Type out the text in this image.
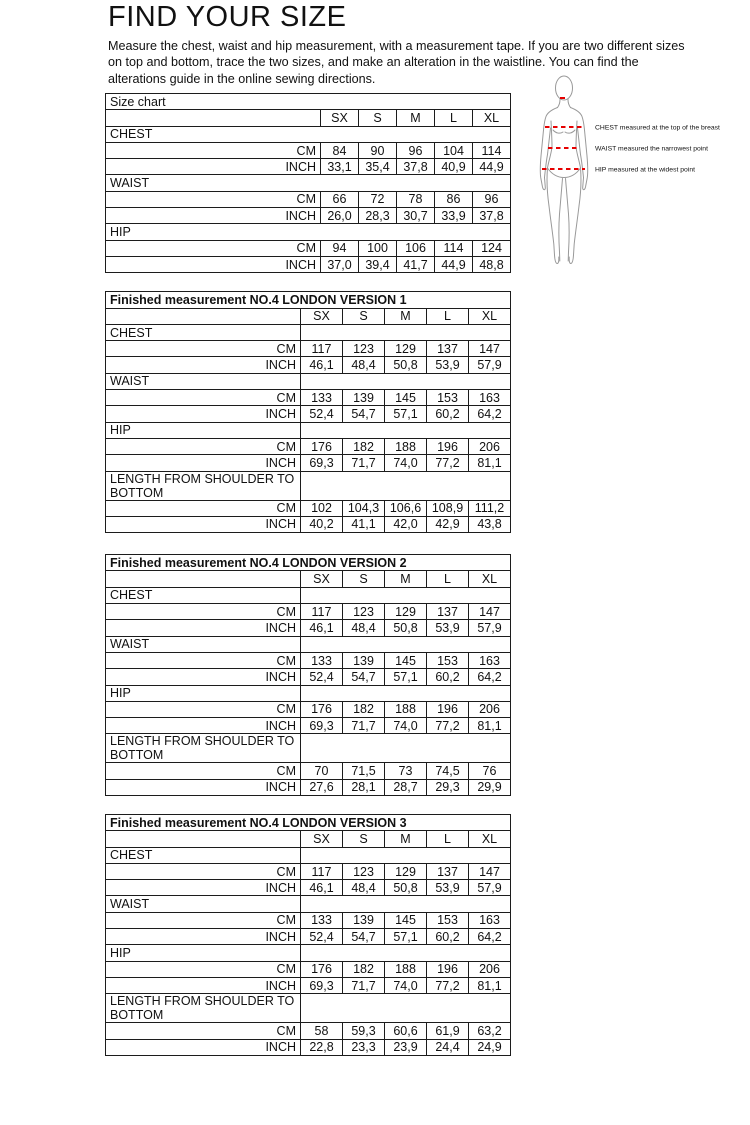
FIND YOUR SIZE

Measure the chest, waist and hip measurement, with a measurement tape. If you are two different sizes on top and bottom, trace the two sizes, and make an alteration in the waistline. You can find the alterations guide in the online sewing directions.

CHEST measured at the top of the breast
WAIST measured the narrowest point
HIP measured at the widest point
Size chart					
	SX	S	M	L	XL
CHEST					
CM	84	90	96	104	114
INCH	33,1	35,4	37,8	40,9	44,9
WAIST					
CM	66	72	78	86	96
INCH	26,0	28,3	30,7	33,9	37,8
HIP					
CM	94	100	106	114	124
INCH	37,0	39,4	41,7	44,9	48,8
Finished measurement NO.4 LONDON VERSION 1					
	SX	S	M	L	XL
CHEST					
CM	117	123	129	137	147
INCH	46,1	48,4	50,8	53,9	57,9
WAIST					
CM	133	139	145	153	163
INCH	52,4	54,7	57,1	60,2	64,2
HIP					
CM	176	182	188	196	206
INCH	69,3	71,7	74,0	77,2	81,1
LENGTH FROM SHOULDER TO BOTTOM					
CM	102	104,3	106,6	108,9	111,2
INCH	40,2	41,1	42,0	42,9	43,8
Finished measurement NO.4 LONDON VERSION 2					
	SX	S	M	L	XL
CHEST					
CM	117	123	129	137	147
INCH	46,1	48,4	50,8	53,9	57,9
WAIST					
CM	133	139	145	153	163
INCH	52,4	54,7	57,1	60,2	64,2
HIP					
CM	176	182	188	196	206
INCH	69,3	71,7	74,0	77,2	81,1
LENGTH FROM SHOULDER TO BOTTOM					
CM	70	71,5	73	74,5	76
INCH	27,6	28,1	28,7	29,3	29,9
Finished measurement NO.4 LONDON VERSION 3					
	SX	S	M	L	XL
CHEST					
CM	117	123	129	137	147
INCH	46,1	48,4	50,8	53,9	57,9
WAIST					
CM	133	139	145	153	163
INCH	52,4	54,7	57,1	60,2	64,2
HIP					
CM	176	182	188	196	206
INCH	69,3	71,7	74,0	77,2	81,1
LENGTH FROM SHOULDER TO BOTTOM					
CM	58	59,3	60,6	61,9	63,2
INCH	22,8	23,3	23,9	24,4	24,9
